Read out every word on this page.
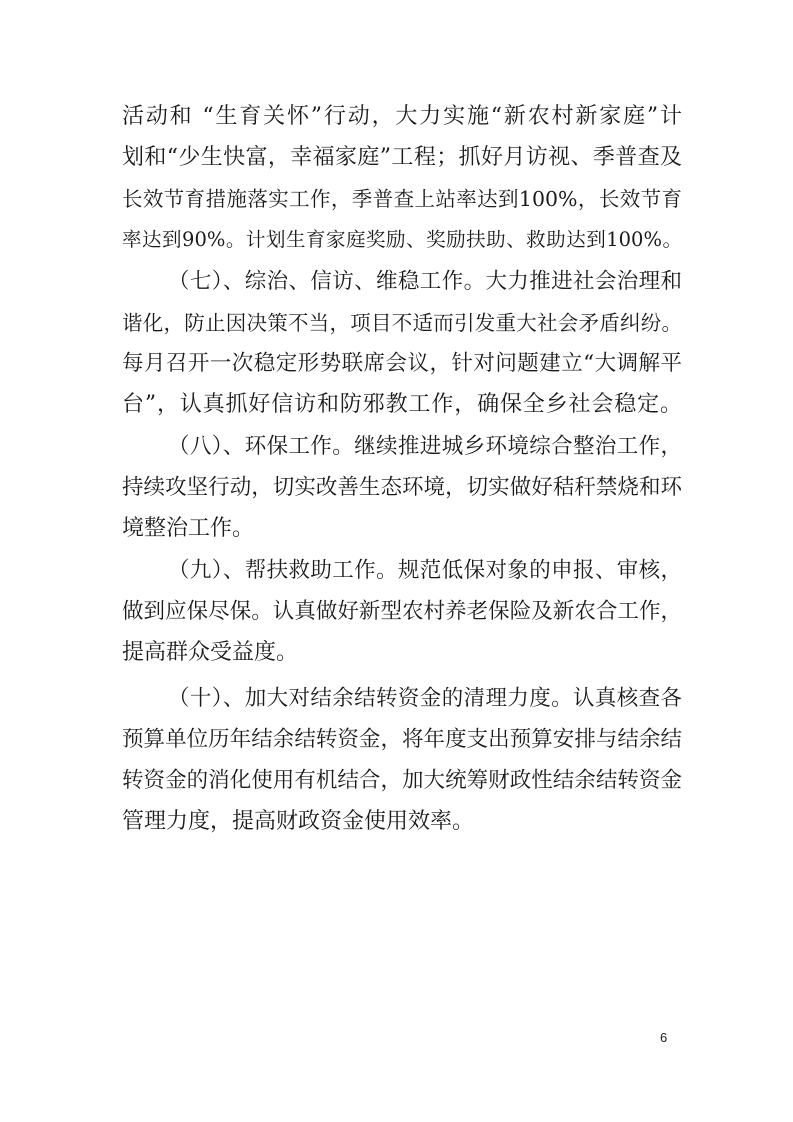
活动和 “生育关怀”行动，大力实施“新农村新家庭”计
划和“少生快富，幸福家庭”工程；抓好月访视、季普查及
长效节育措施落实工作，季普查上站率达到100%，长效节育
率达到90%。计划生育家庭奖励、奖励扶助、救助达到100%。
（七）、综治、信访、维稳工作。大力推进社会治理和
谐化，防止因决策不当，项目不适而引发重大社会矛盾纠纷。
每月召开一次稳定形势联席会议，针对问题建立“大调解平
台”，认真抓好信访和防邪教工作，确保全乡社会稳定。
（八）、环保工作。继续推进城乡环境综合整治工作，
持续攻坚行动，切实改善生态环境，切实做好秸秆禁烧和环
境整治工作。
（九）、帮扶救助工作。规范低保对象的申报、审核，
做到应保尽保。认真做好新型农村养老保险及新农合工作，
提高群众受益度。
（十）、加大对结余结转资金的清理力度。认真核查各
预算单位历年结余结转资金，将年度支出预算安排与结余结
转资金的消化使用有机结合，加大统筹财政性结余结转资金
管理力度，提高财政资金使用效率。
6
